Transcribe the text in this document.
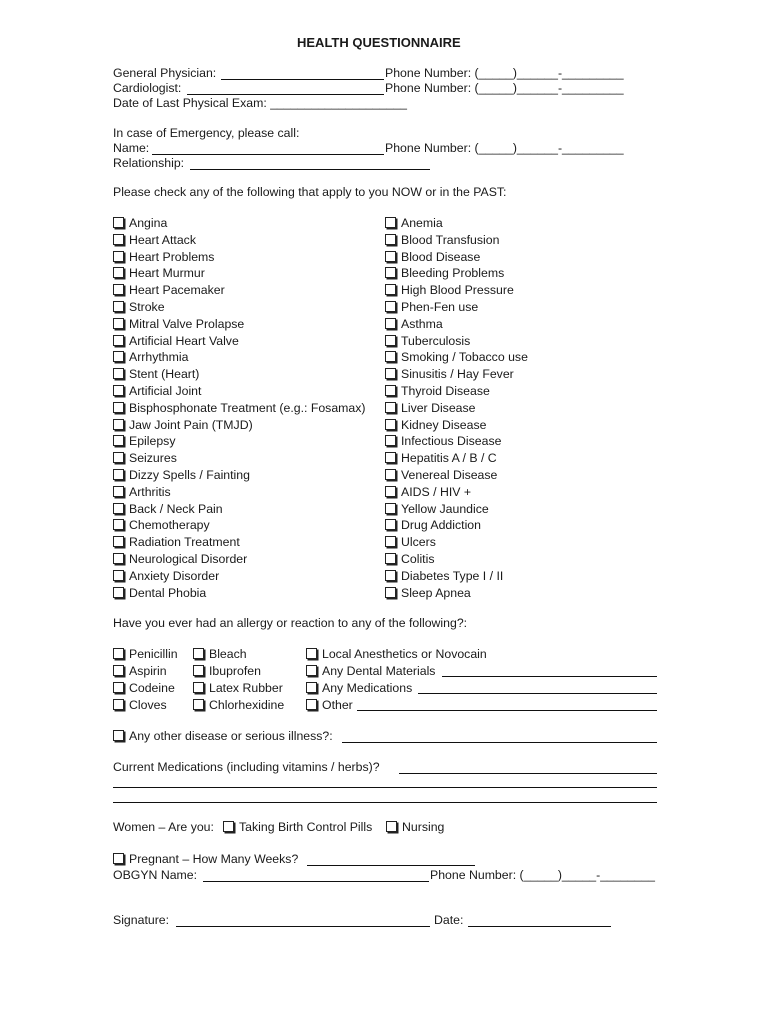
HEALTH QUESTIONNAIRE
General Physician:	Phone Number: (_____)______-_________
Cardiologist:	Phone Number: (_____)______-_________
Date of Last Physical Exam: ____________________
In case of Emergency, please call:
Name:	Phone Number: (_____)______-_________
Relationship:
Please check any of the following that apply to you NOW or in the PAST:
Angina
Heart Attack
Heart Problems
Heart Murmur
Heart Pacemaker
Stroke
Mitral Valve Prolapse
Artificial Heart Valve
Arrhythmia
Stent (Heart)
Artificial Joint
Bisphosphonate Treatment (e.g.: Fosamax)
Jaw Joint Pain (TMJD)
Epilepsy
Seizures
Dizzy Spells / Fainting
Arthritis
Back / Neck Pain
Chemotherapy
Radiation Treatment
Neurological Disorder
Anxiety Disorder
Dental Phobia
Anemia
Blood Transfusion
Blood Disease
Bleeding Problems
High Blood Pressure
Phen-Fen use
Asthma
Tuberculosis
Smoking / Tobacco use
Sinusitis / Hay Fever
Thyroid Disease
Liver Disease
Kidney Disease
Infectious Disease
Hepatitis A / B / C
Venereal Disease
AIDS / HIV +
Yellow Jaundice
Drug Addiction
Ulcers
Colitis
Diabetes Type I / II
Sleep Apnea
Have you ever had an allergy or reaction to any of the following?:
Penicillin
Aspirin
Codeine
Cloves
Bleach
Ibuprofen
Latex Rubber
Chlorhexidine
Local Anesthetics or Novocain
Any Dental Materials
Any Medications
Other
Any other disease or serious illness?:
Current Medications (including vitamins / herbs)?
Women – Are you:	Taking Birth Control Pills	Nursing
Pregnant – How Many Weeks?
OBGYN Name:	Phone Number: (_____)_____-________
Signature:	Date:
